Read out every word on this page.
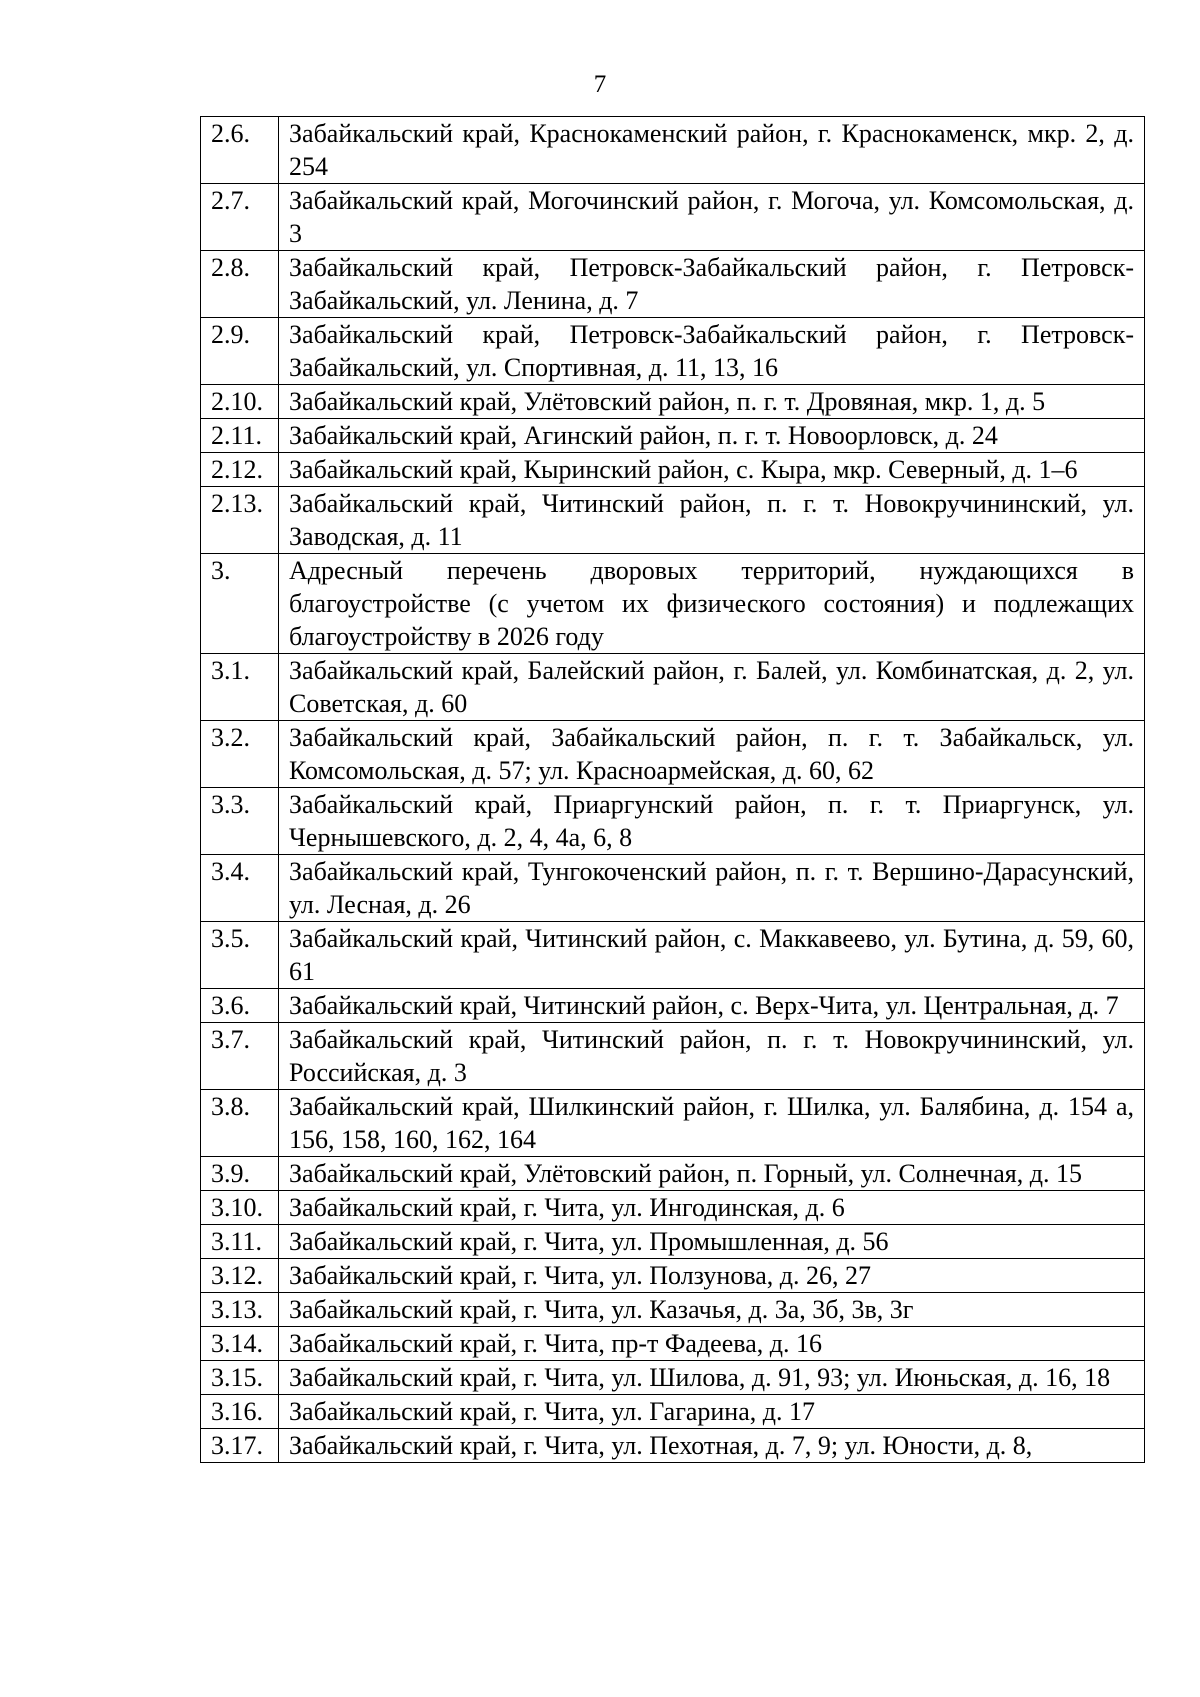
7
2.6.	Забайкальский край, Краснокаменский район, г. Краснокаменск, мкр. 2, д. 254
2.7.	Забайкальский край, Могочинский район, г. Могоча, ул. Комсомольская, д. 3
2.8.	Забайкальский край, Петровск-Забайкальский район, г. Петровск-Забайкальский, ул. Ленина, д. 7
2.9.	Забайкальский край, Петровск-Забайкальский район, г. Петровск-Забайкальский, ул. Спортивная, д. 11, 13, 16
2.10.	Забайкальский край, Улётовский район, п. г. т. Дровяная, мкр. 1, д. 5
2.11.	Забайкальский край, Агинский район, п. г. т. Новоорловск, д. 24
2.12.	Забайкальский край, Кыринский район, с. Кыра, мкр. Северный, д. 1–6
2.13.	Забайкальский край, Читинский район, п. г. т. Новокручининский, ул. Заводская, д. 11
3.	Адресный перечень дворовых территорий, нуждающихся в благоустройстве (с учетом их физического состояния) и подлежащих благоустройству в 2026 году
3.1.	Забайкальский край, Балейский район, г. Балей, ул. Комбинатская, д. 2, ул. Советская, д. 60
3.2.	Забайкальский край, Забайкальский район, п. г. т. Забайкальск, ул. Комсомольская, д. 57; ул. Красноармейская, д. 60, 62
3.3.	Забайкальский край, Приаргунский район, п. г. т. Приаргунск, ул. Чернышевского, д. 2, 4, 4а, 6, 8
3.4.	Забайкальский край, Тунгокоченский район, п. г. т. Вершино-Дарасунский, ул. Лесная, д. 26
3.5.	Забайкальский край, Читинский район, с. Маккавеево, ул. Бутина, д. 59, 60, 61
3.6.	Забайкальский край, Читинский район, с. Верх-Чита, ул. Центральная, д. 7
3.7.	Забайкальский край, Читинский район, п. г. т. Новокручининский, ул. Российская, д. 3
3.8.	Забайкальский край, Шилкинский район, г. Шилка, ул. Балябина, д. 154 а, 156, 158, 160, 162, 164
3.9.	Забайкальский край, Улётовский район, п. Горный, ул. Солнечная, д. 15
3.10.	Забайкальский край, г. Чита, ул. Ингодинская, д. 6
3.11.	Забайкальский край, г. Чита, ул. Промышленная, д. 56
3.12.	Забайкальский край, г. Чита, ул. Ползунова, д. 26, 27
3.13.	Забайкальский край, г. Чита, ул. Казачья, д. 3а, 3б, 3в, 3г
3.14.	Забайкальский край, г. Чита, пр-т Фадеева, д. 16
3.15.	Забайкальский край, г. Чита, ул. Шилова, д. 91, 93; ул. Июньская, д. 16, 18
3.16.	Забайкальский край, г. Чита, ул. Гагарина, д. 17
3.17.	Забайкальский край, г. Чита, ул. Пехотная, д. 7, 9; ул. Юности, д. 8,
